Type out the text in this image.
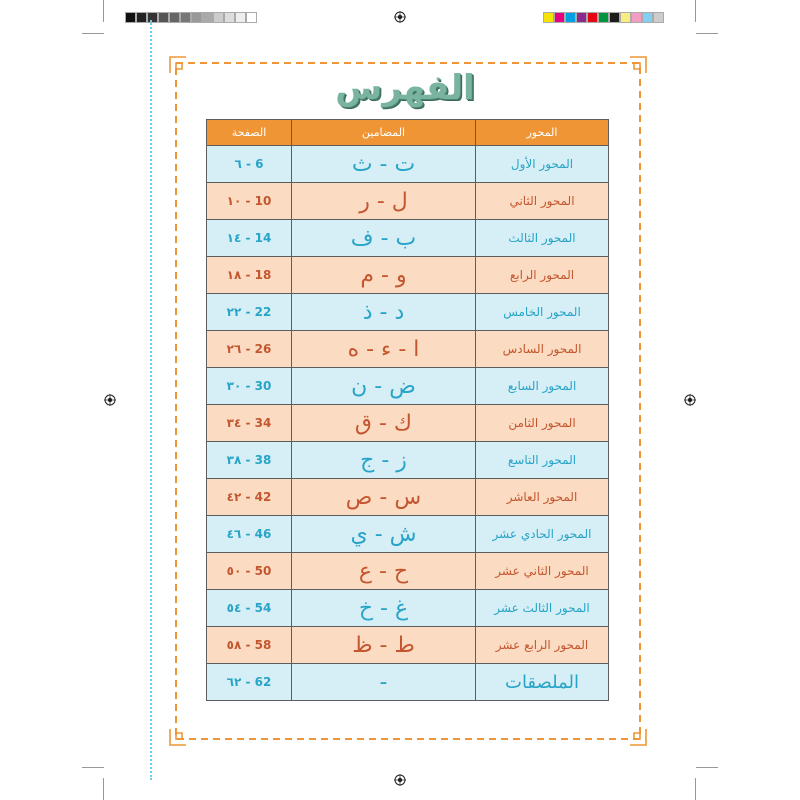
الفهرس
الصفحة	المضامين	المحور
٦ - 6	ت - ث	المحور الأول
١٠ - 10	ل - ر	المحور الثاني
١٤ - 14	ب - ف	المحور الثالث
١٨ - 18	و - م	المحور الرابع
٢٢ - 22	د - ذ	المحور الخامس
٢٦ - 26	ا - ء - ه	المحور السادس
٣٠ - 30	ض - ن	المحور السابع
٣٤ - 34	ك - ق	المحور الثامن
٣٨ - 38	ز - ج	المحور التاسع
٤٢ - 42	س - ص	المحور العاشر
٤٦ - 46	ش - ي	المحور الحادي عشر
٥٠ - 50	ح - ع	المحور الثاني عشر
٥٤ - 54	غ - خ	المحور الثالث عشر
٥٨ - 58	ط - ظ	المحور الرابع عشر
٦٢ - 62	-	الملصقات
